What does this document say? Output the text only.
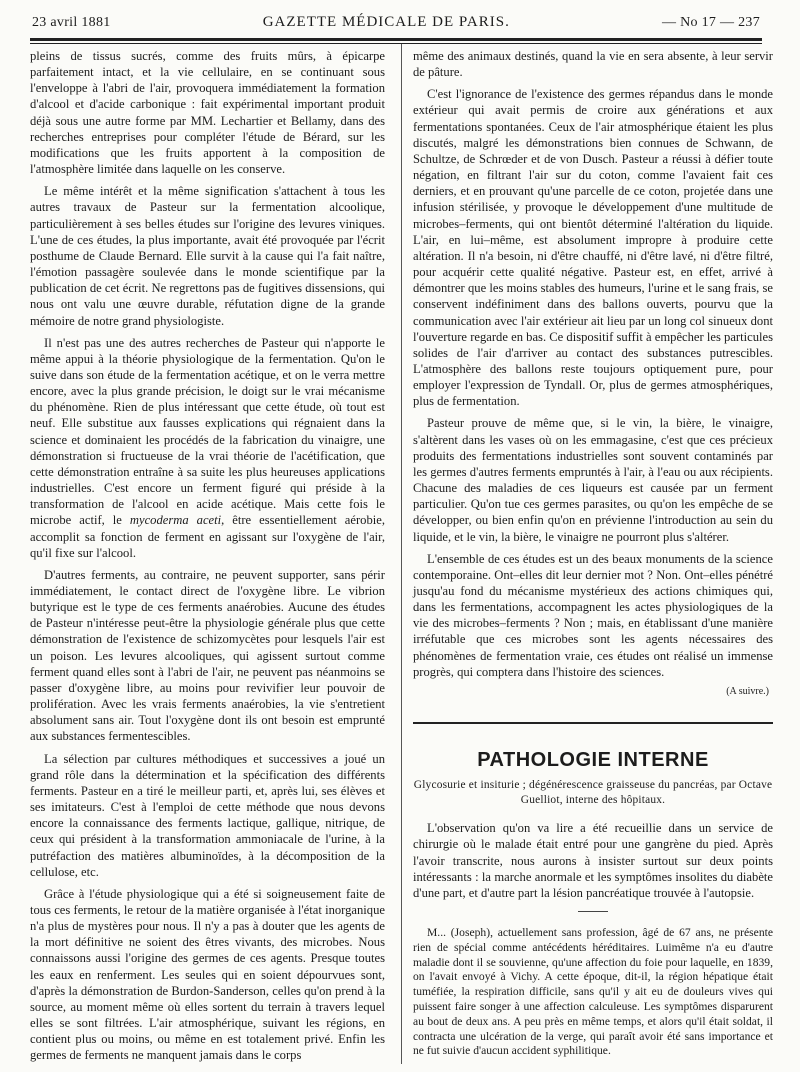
23 avril 1881	GAZETTE MÉDICALE DE PARIS.	— No 17 — 237

pleins de tissus sucrés, comme des fruits mûrs, à épicarpe parfaitement intact, et la vie cellulaire, en se continuant sous l'enveloppe à l'abri de l'air, provoquera immédiatement la formation d'alcool et d'acide carbonique : fait expérimental important produit déjà sous une autre forme par MM. Lechartier et Bellamy, dans des recherches entreprises pour compléter l'étude de Bérard, sur les modifications que les fruits apportent à la composition de l'atmosphère limitée dans laquelle on les conserve.

Le même intérêt et la même signification s'attachent à tous les autres travaux de Pasteur sur la fermentation alcoolique, particulièrement à ses belles études sur l'origine des levures viniques. L'une de ces études, la plus importante, avait été provoquée par l'écrit posthume de Claude Bernard. Elle survit à la cause qui l'a fait naître, l'émotion passagère soulevée dans le monde scientifique par la publication de cet écrit. Ne regrettons pas de fugitives dissensions, qui nous ont valu une œuvre durable, réfutation digne de la grande mémoire de notre grand physiologiste.

Il n'est pas une des autres recherches de Pasteur qui n'apporte le même appui à la théorie physiologique de la fermentation. Qu'on le suive dans son étude de la fermentation acétique, et on le verra mettre encore, avec la plus grande précision, le doigt sur le vrai mécanisme du phénomène. Rien de plus intéressant que cette étude, où tout est neuf. Elle substitue aux fausses explications qui régnaient dans la science et dominaient les procédés de la fabrication du vinaigre, une démonstration si fructueuse de la vrai théorie de l'acétification, que cette démonstration entraîne à sa suite les plus heureuses applications industrielles. C'est encore un ferment figuré qui préside à la transformation de l'alcool en acide acétique. Mais cette fois le microbe actif, le mycoderma aceti, être essentiellement aérobie, accomplit sa fonction de ferment en agissant sur l'oxygène de l'air, qu'il fixe sur l'alcool.

D'autres ferments, au contraire, ne peuvent supporter, sans périr immédiatement, le contact direct de l'oxygène libre. Le vibrion butyrique est le type de ces ferments anaérobies. Aucune des études de Pasteur n'intéresse peut-être la physiologie générale plus que cette démonstration de l'existence de schizomycètes pour lesquels l'air est un poison. Les levures alcooliques, qui agissent surtout comme ferment quand elles sont à l'abri de l'air, ne peuvent pas néanmoins se passer d'oxygène libre, au moins pour revivifier leur pouvoir de prolifération. Avec les vrais ferments anaérobies, la vie s'entretient absolument sans air. Tout l'oxygène dont ils ont besoin est emprunté aux substances fermentescibles.

La sélection par cultures méthodiques et successives a joué un grand rôle dans la détermination et la spécification des différents ferments. Pasteur en a tiré le meilleur parti, et, après lui, ses élèves et ses imitateurs. C'est à l'emploi de cette méthode que nous devons encore la connaissance des ferments lactique, gallique, nitrique, de ceux qui président à la transformation ammoniacale de l'urine, à la putréfaction des matières albuminoïdes, à la décomposition de la cellulose, etc.

Grâce à l'étude physiologique qui a été si soigneusement faite de tous ces ferments, le retour de la matière organisée à l'état inorganique n'a plus de mystères pour nous. Il n'y a pas à douter que les agents de la mort définitive ne soient des êtres vivants, des microbes. Nous connaissons aussi l'origine des germes de ces agents. Presque toutes les eaux en renferment. Les seules qui en soient dépourvues sont, d'après la démonstration de Burdon-Sanderson, celles qu'on prend à la source, au moment même où elles sortent du terrain à travers lequel elles se sont filtrées. L'air atmosphérique, suivant les régions, en contient plus ou moins, ou même en est totalement privé. Enfin les germes de ferments ne manquent jamais dans le corps

même des animaux destinés, quand la vie en sera absente, à leur servir de pâture.

C'est l'ignorance de l'existence des germes répandus dans le monde extérieur qui avait permis de croire aux générations et aux fermentations spontanées. Ceux de l'air atmosphérique étaient les plus discutés, malgré les démonstrations bien connues de Schwann, de Schultze, de Schrœder et de von Dusch. Pasteur a réussi à défier toute négation, en filtrant l'air sur du coton, comme l'avaient fait ces derniers, et en prouvant qu'une parcelle de ce coton, projetée dans une infusion stérilisée, y provoque le développement d'une multitude de microbes–ferments, qui ont bientôt déterminé l'altération du liquide. L'air, en lui–même, est absolument impropre à produire cette altération. Il n'a besoin, ni d'être chauffé, ni d'être lavé, ni d'être filtré, pour acquérir cette qualité négative. Pasteur est, en effet, arrivé à démontrer que les moins stables des humeurs, l'urine et le sang frais, se conservent indéfiniment dans des ballons ouverts, pourvu que la communication avec l'air extérieur ait lieu par un long col sinueux dont l'ouverture regarde en bas. Ce dispositif suffit à empêcher les particules solides de l'air d'arriver au contact des substances putrescibles. L'atmosphère des ballons reste toujours optiquement pure, pour employer l'expression de Tyndall. Or, plus de germes atmosphériques, plus de fermentation.

Pasteur prouve de même que, si le vin, la bière, le vinaigre, s'altèrent dans les vases où on les emmagasine, c'est que ces précieux produits des fermentations industrielles sont souvent contaminés par les germes d'autres ferments empruntés à l'air, à l'eau ou aux récipients. Chacune des maladies de ces liqueurs est causée par un ferment particulier. Qu'on tue ces germes parasites, ou qu'on les empêche de se développer, ou bien enfin qu'on en prévienne l'introduction au sein du liquide, et le vin, la bière, le vinaigre ne pourront plus s'altérer.

L'ensemble de ces études est un des beaux monuments de la science contemporaine. Ont–elles dit leur dernier mot ? Non. Ont–elles pénétré jusqu'au fond du mécanisme mystérieux des actions chimiques qui, dans les fermentations, accompagnent les actes physiologiques de la vie des microbes–ferments ? Non ; mais, en établissant d'une manière irréfutable que ces microbes sont les agents nécessaires des phénomènes de fermentation vraie, ces études ont réalisé un immense progrès, qui comptera dans l'histoire des sciences.

(A suivre.)
PATHOLOGIE INTERNE
Glycosurie et insiturie ; dégénérescence graisseuse du pancréas, par Octave Guelliot, interne des hôpitaux.

L'observation qu'on va lire a été recueillie dans un service de chirurgie où le malade était entré pour une gangrène du pied. Après l'avoir transcrite, nous aurons à insister surtout sur deux points intéressants : la marche anormale et les symptômes insolites du diabète d'une part, et d'autre part la lésion pancréatique trouvée à l'autopsie.

M... (Joseph), actuellement sans profession, âgé de 67 ans, ne présente rien de spécial comme antécédents héréditaires. Luimême n'a eu d'autre maladie dont il se souvienne, qu'une affection du foie pour laquelle, en 1839, on l'avait envoyé à Vichy. A cette époque, dit-il, la région hépatique était tuméfiée, la respiration difficile, sans qu'il y ait eu de douleurs vives qui puissent faire songer à une affection calculeuse. Les symptômes disparurent au bout de deux ans. A peu près en même temps, et alors qu'il était soldat, il contracta une ulcération de la verge, qui paraît avoir été sans importance et ne fut suivie d'aucun accident syphilitique.
